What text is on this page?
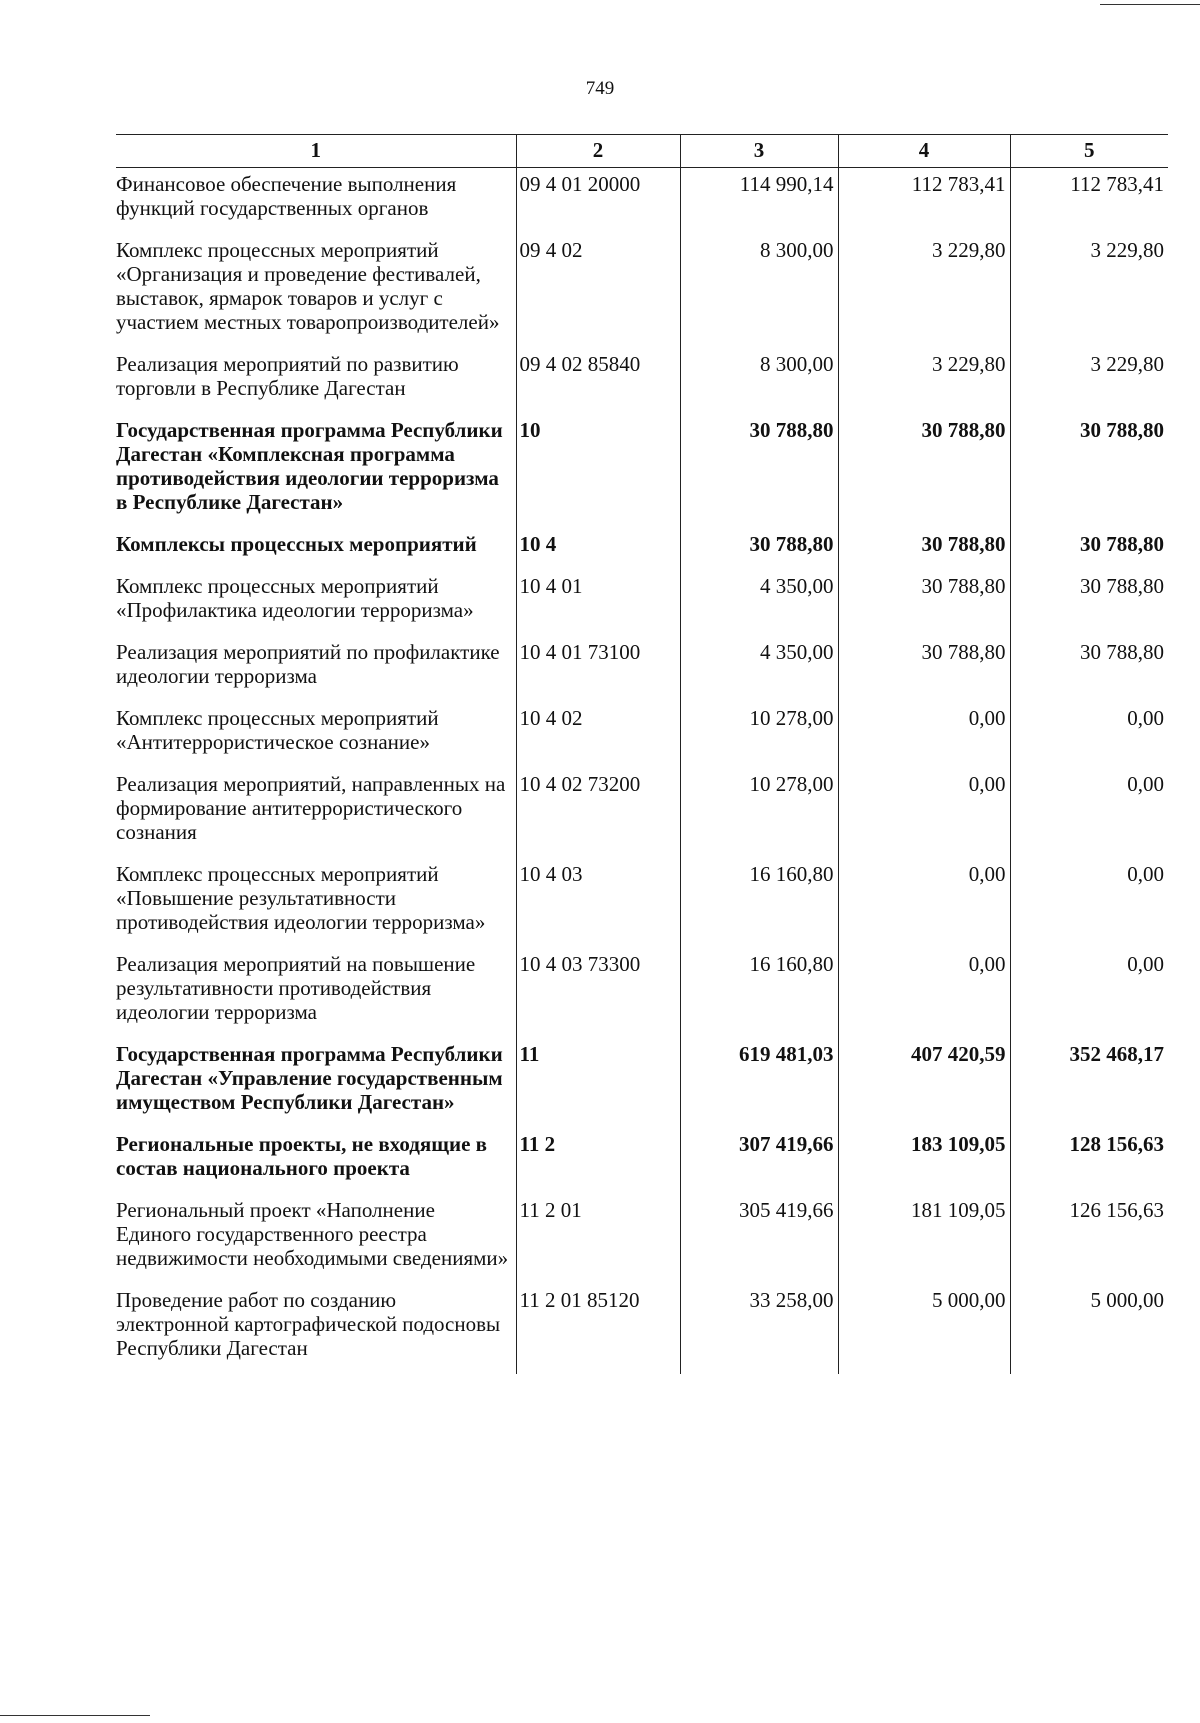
749
1	2	3	4	5
Финансовое обеспечение выполнения функций государственных органов	09 4 01 20000	114 990,14	112 783,41	112 783,41
Комплекс процессных мероприятий «Организация и проведение фестивалей, выставок, ярмарок товаров и услуг с участием местных товаропроизводителей»	09 4 02	8 300,00	3 229,80	3 229,80
Реализация мероприятий по развитию торговли в Республике Дагестан	09 4 02 85840	8 300,00	3 229,80	3 229,80
Государственная программа Республики Дагестан «Комплексная программа противодействия идеологии терроризма в Республике Дагестан»	10	30 788,80	30 788,80	30 788,80
Комплексы процессных мероприятий	10 4	30 788,80	30 788,80	30 788,80
Комплекс процессных мероприятий «Профилактика идеологии терроризма»	10 4 01	4 350,00	30 788,80	30 788,80
Реализация мероприятий по профилактике идеологии терроризма	10 4 01 73100	4 350,00	30 788,80	30 788,80
Комплекс процессных мероприятий «Антитеррористическое сознание»	10 4 02	10 278,00	0,00	0,00
Реализация мероприятий, направленных на формирование антитеррористического сознания	10 4 02 73200	10 278,00	0,00	0,00
Комплекс процессных мероприятий «Повышение результативности противодействия идеологии терроризма»	10 4 03	16 160,80	0,00	0,00
Реализация мероприятий на повышение результативности противодействия идеологии терроризма	10 4 03 73300	16 160,80	0,00	0,00
Государственная программа Республики Дагестан «Управление государственным имуществом Республики Дагестан»	11	619 481,03	407 420,59	352 468,17
Региональные проекты, не входящие в состав национального проекта	11 2	307 419,66	183 109,05	128 156,63
Региональный проект «Наполнение Единого государственного реестра недвижимости необходимыми сведениями»	11 2 01	305 419,66	181 109,05	126 156,63
Проведение работ по созданию электронной картографической подосновы Республики Дагестан	11 2 01 85120	33 258,00	5 000,00	5 000,00
